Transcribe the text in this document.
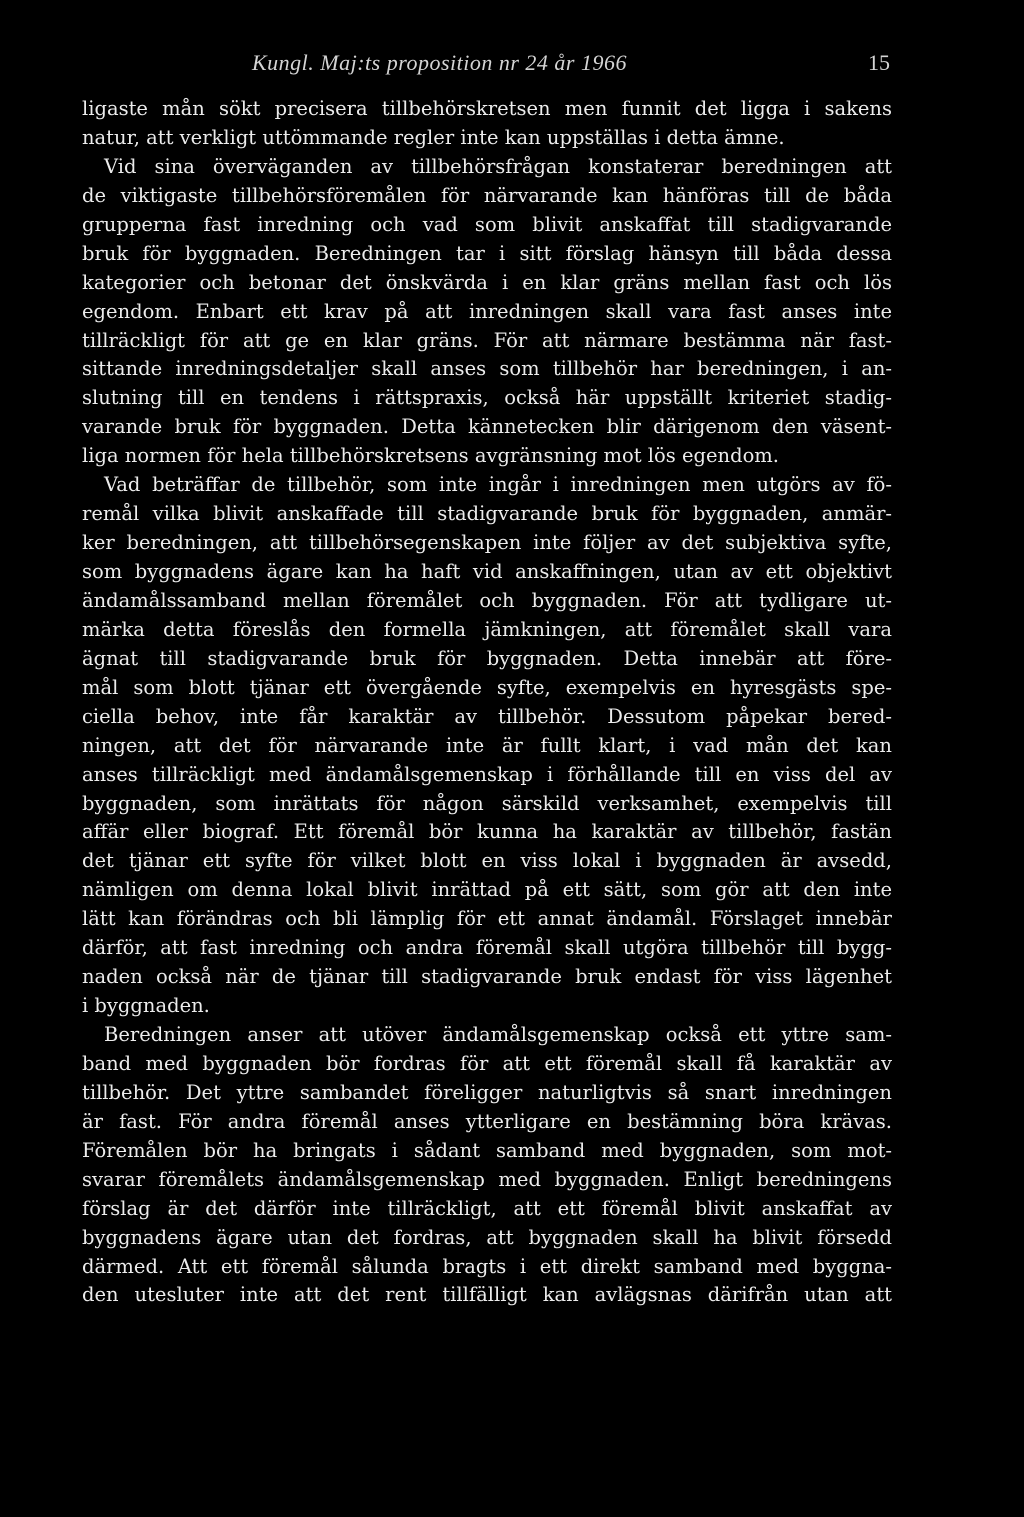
Kungl. Maj:ts proposition nr 24 år 1966	15
ligaste mån sökt precisera tillbehörskretsen men funnit det ligga i sakens
natur, att verkligt uttömmande regler inte kan uppställas i detta ämne.
Vid sina överväganden av tillbehörsfrågan konstaterar beredningen att
de viktigaste tillbehörsföremålen för närvarande kan hänföras till de båda
grupperna fast inredning och vad som blivit anskaffat till stadigvarande
bruk för byggnaden. Beredningen tar i sitt förslag hänsyn till båda dessa
kategorier och betonar det önskvärda i en klar gräns mellan fast och lös
egendom. Enbart ett krav på att inredningen skall vara fast anses inte
tillräckligt för att ge en klar gräns. För att närmare bestämma när fast-
sittande inredningsdetaljer skall anses som tillbehör har beredningen, i an-
slutning till en tendens i rättspraxis, också här uppställt kriteriet stadig-
varande bruk för byggnaden. Detta kännetecken blir därigenom den väsent-
liga normen för hela tillbehörskretsens avgränsning mot lös egendom.
Vad beträffar de tillbehör, som inte ingår i inredningen men utgörs av fö-
remål vilka blivit anskaffade till stadigvarande bruk för byggnaden, anmär-
ker beredningen, att tillbehörsegenskapen inte följer av det subjektiva syfte,
som byggnadens ägare kan ha haft vid anskaffningen, utan av ett objektivt
ändamålssamband mellan föremålet och byggnaden. För att tydligare ut-
märka detta föreslås den formella jämkningen, att föremålet skall vara
ägnat till stadigvarande bruk för byggnaden. Detta innebär att före-
mål som blott tjänar ett övergående syfte, exempelvis en hyresgästs spe-
ciella behov, inte får karaktär av tillbehör. Dessutom påpekar bered-
ningen, att det för närvarande inte är fullt klart, i vad mån det kan
anses tillräckligt med ändamålsgemenskap i förhållande till en viss del av
byggnaden, som inrättats för någon särskild verksamhet, exempelvis till
affär eller biograf. Ett föremål bör kunna ha karaktär av tillbehör, fastän
det tjänar ett syfte för vilket blott en viss lokal i byggnaden är avsedd,
nämligen om denna lokal blivit inrättad på ett sätt, som gör att den inte
lätt kan förändras och bli lämplig för ett annat ändamål. Förslaget innebär
därför, att fast inredning och andra föremål skall utgöra tillbehör till bygg-
naden också när de tjänar till stadigvarande bruk endast för viss lägenhet
i byggnaden.
Beredningen anser att utöver ändamålsgemenskap också ett yttre sam-
band med byggnaden bör fordras för att ett föremål skall få karaktär av
tillbehör. Det yttre sambandet föreligger naturligtvis så snart inredningen
är fast. För andra föremål anses ytterligare en bestämning böra krävas.
Föremålen bör ha bringats i sådant samband med byggnaden, som mot-
svarar föremålets ändamålsgemenskap med byggnaden. Enligt beredningens
förslag är det därför inte tillräckligt, att ett föremål blivit anskaffat av
byggnadens ägare utan det fordras, att byggnaden skall ha blivit försedd
därmed. Att ett föremål sålunda bragts i ett direkt samband med byggna-
den utesluter inte att det rent tillfälligt kan avlägsnas därifrån utan att
